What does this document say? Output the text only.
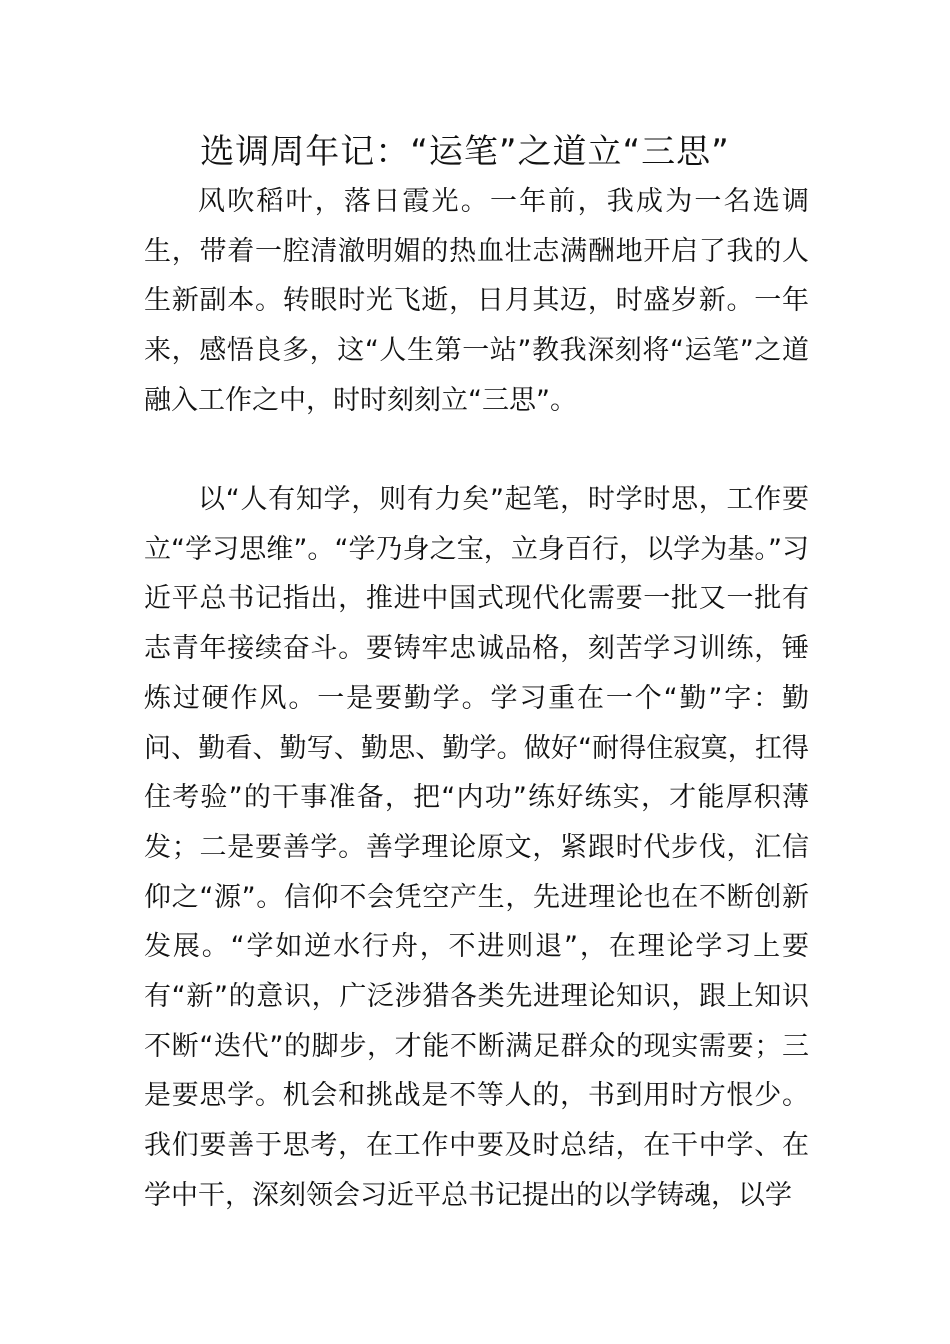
选调周年记：“运笔”之道立“三思”

风吹稻叶，落日霞光。一年前，我成为一名选调生，带着一腔清澈明媚的热血壮志满酬地开启了我的人生新副本。转眼时光飞逝，日月其迈，时盛岁新。一年来，感悟良多，这“人生第一站”教我深刻将“运笔”之道融入工作之中，时时刻刻立“三思”。

以“人有知学，则有力矣”起笔，时学时思，工作要立“学习思维”。“学乃身之宝，立身百行，以学为基。”习近平总书记指出，推进中国式现代化需要一批又一批有志青年接续奋斗。要铸牢忠诚品格，刻苦学习训练，锤炼过硬作风。一是要勤学。学习重在一个“勤”字：勤问、勤看、勤写、勤思、勤学。做好“耐得住寂寞，扛得住考验”的干事准备，把“内功”练好练实，才能厚积薄发；二是要善学。善学理论原文，紧跟时代步伐，汇信仰之“源”。信仰不会凭空产生，先进理论也在不断创新发展。“学如逆水行舟，不进则退”，在理论学习上要有“新”的意识，广泛涉猎各类先进理论知识，跟上知识不断“迭代”的脚步，才能不断满足群众的现实需要；三是要思学。机会和挑战是不等人的，书到用时方恨少。我们要善于思考，在工作中要及时总结，在干中学、在学中干，深刻领会习近平总书记提出的以学铸魂，以学
